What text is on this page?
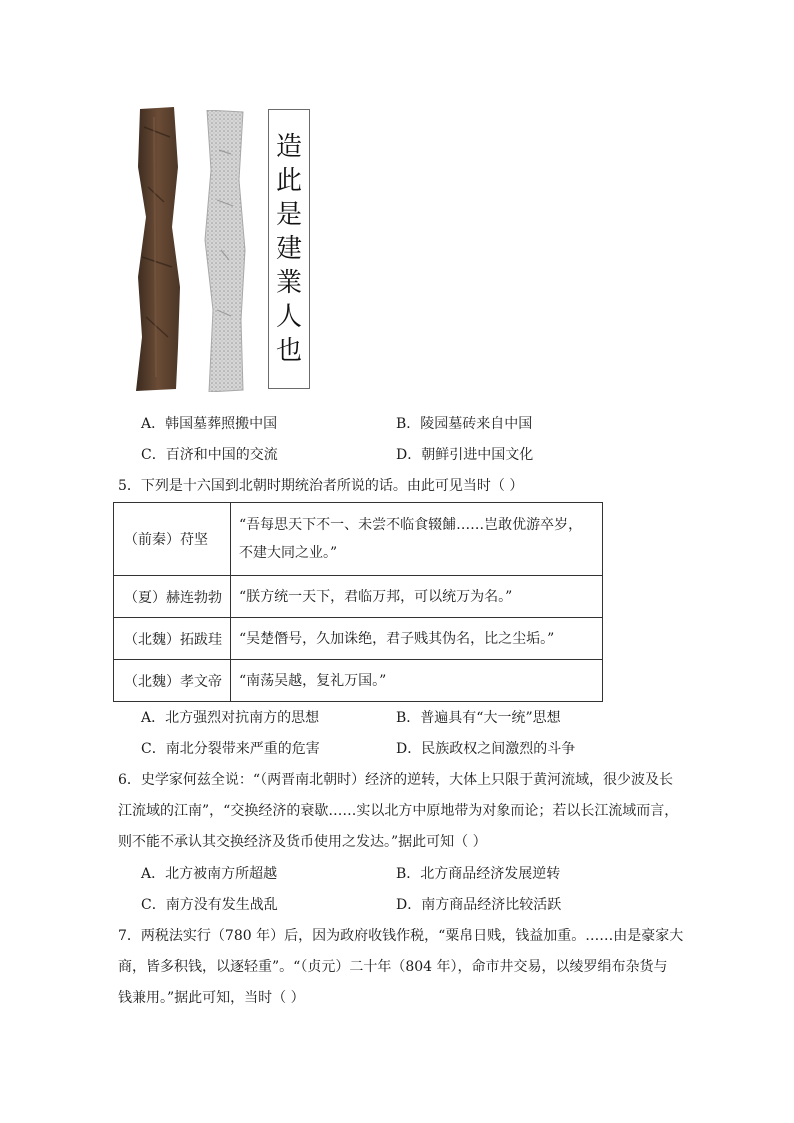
造
此
是
建
業
人
也
A．韩国墓葬照搬中国	B．陵园墓砖来自中国
C．百济和中国的交流	D．朝鲜引进中国文化
5．下列是十六国到北朝时期统治者所说的话。由此可见当时（ ）
（前秦）苻坚	“吾每思天下不一、未尝不临食辍餔……岂敢优游卒岁，不建大同之业。”
（夏）赫连勃勃	“朕方统一天下，君临万邦，可以统万为名。”
（北魏）拓跋珪	“吴楚僭号，久加诛绝，君子贱其伪名，比之尘垢。”
（北魏）孝文帝	“南荡吴越，复礼万国。”
A．北方强烈对抗南方的思想	B．普遍具有“大一统”思想
C．南北分裂带来严重的危害	D．民族政权之间激烈的斗争
6．史学家何兹全说：“（两晋南北朝时）经济的逆转，大体上只限于黄河流域，很少波及长
江流域的江南”，“交换经济的衰歇……实以北方中原地带为对象而论；若以长江流域而言，
则不能不承认其交换经济及货币使用之发达。”据此可知（ ）
A．北方被南方所超越	B．北方商品经济发展逆转
C．南方没有发生战乱	D．南方商品经济比较活跃
7．两税法实行（780 年）后，因为政府收钱作税，“粟帛日贱，钱益加重。……由是豪家大
商，皆多积钱，以逐轻重”。“（贞元）二十年（804 年），命市井交易，以绫罗绢布杂货与
钱兼用。”据此可知，当时（ ）
